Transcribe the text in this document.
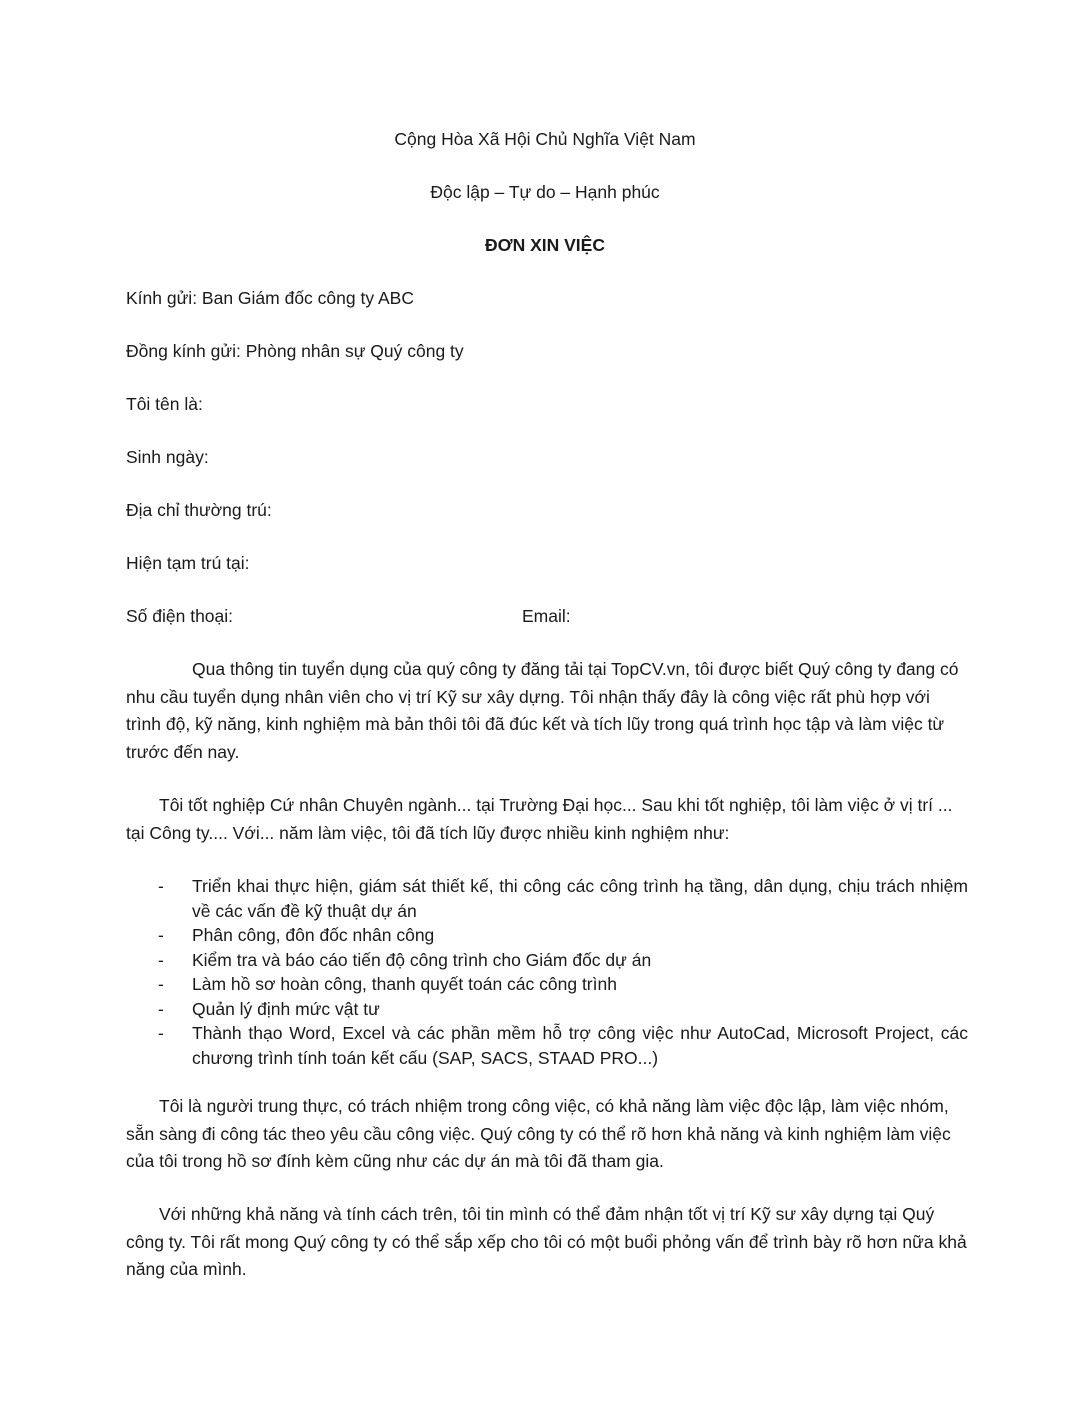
Cộng Hòa Xã Hội Chủ Nghĩa Việt Nam
Độc lập – Tự do – Hạnh phúc
ĐƠN XIN VIỆC
Kính gửi: Ban Giám đốc công ty ABC
Đồng kính gửi: Phòng nhân sự Quý công ty
Tôi tên là:
Sinh ngày:
Địa chỉ thường trú:
Hiện tạm trú tại:
Số điện thoại:	Email:
Qua thông tin tuyển dụng của quý công ty đăng tải tại TopCV.vn, tôi được biết Quý công ty đang có nhu cầu tuyển dụng nhân viên cho vị trí Kỹ sư xây dựng. Tôi nhận thấy đây là công việc rất phù hợp với trình độ, kỹ năng, kinh nghiệm mà bản thôi tôi đã đúc kết và tích lũy trong quá trình học tập và làm việc từ trước đến nay.
Tôi tốt nghiệp Cứ nhân Chuyên ngành... tại Trường Đại học... Sau khi tốt nghiệp, tôi làm việc ở vị trí ... tại Công ty.... Với... năm làm việc, tôi đã tích lũy được nhiều kinh nghiệm như:
- Triển khai thực hiện, giám sát thiết kế, thi công các công trình hạ tầng, dân dụng, chịu trách nhiệm về các vấn đề kỹ thuật dự án
- Phân công, đôn đốc nhân công
- Kiểm tra và báo cáo tiến độ công trình cho Giám đốc dự án
- Làm hồ sơ hoàn công, thanh quyết toán các công trình
- Quản lý định mức vật tư
- Thành thạo Word, Excel và các phần mềm hỗ trợ công việc như AutoCad, Microsoft Project, các chương trình tính toán kết cấu (SAP, SACS, STAAD PRO...)
Tôi là người trung thực, có trách nhiệm trong công việc, có khả năng làm việc độc lập, làm việc nhóm, sẵn sàng đi công tác theo yêu cầu công việc. Quý công ty có thể rõ hơn khả năng và kinh nghiệm làm việc của tôi trong hồ sơ đính kèm cũng như các dự án mà tôi đã tham gia.
Với những khả năng và tính cách trên, tôi tin mình có thể đảm nhận tốt vị trí Kỹ sư xây dựng tại Quý công ty. Tôi rất mong Quý công ty có thể sắp xếp cho tôi có một buổi phỏng vấn để trình bày rõ hơn nữa khả năng của mình.
